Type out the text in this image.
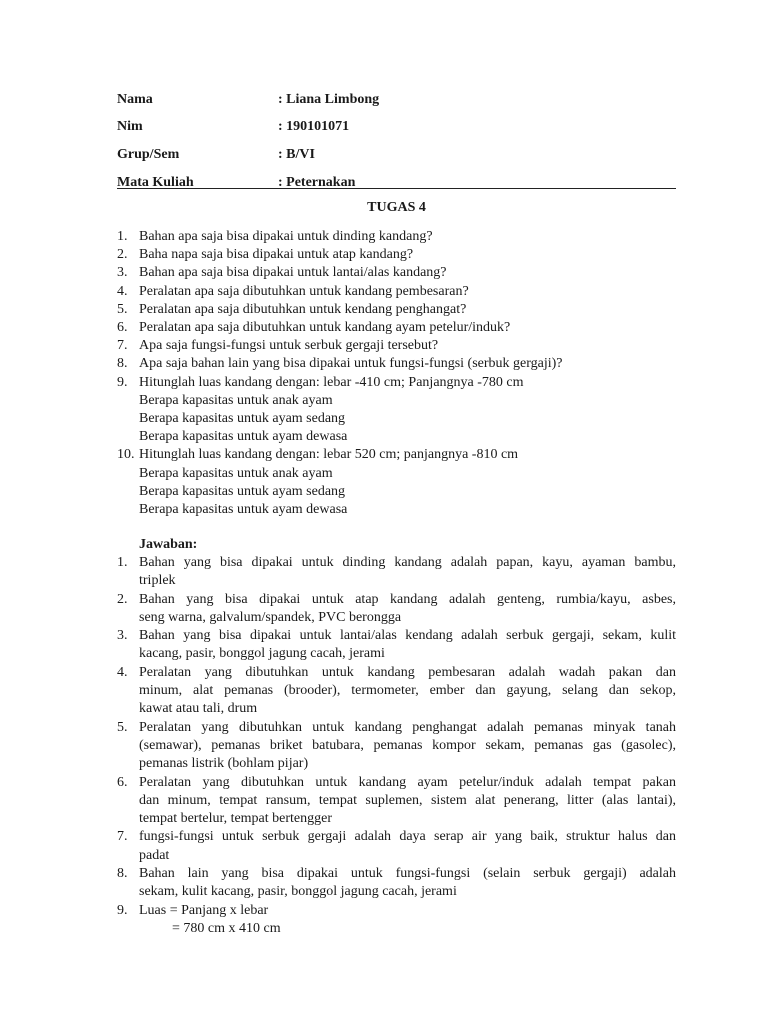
Nama	: Liana Limbong
Nim	: 190101071
Grup/Sem	: B/VI
Mata Kuliah	: Peternakan
TUGAS 4
1. Bahan apa saja bisa dipakai untuk dinding kandang?
2. Baha napa saja bisa dipakai untuk atap kandang?
3. Bahan apa saja bisa dipakai untuk lantai/alas kandang?
4. Peralatan apa saja dibutuhkan untuk kandang pembesaran?
5. Peralatan apa saja dibutuhkan untuk kendang penghangat?
6. Peralatan apa saja dibutuhkan untuk kandang ayam petelur/induk?
7. Apa saja fungsi-fungsi untuk serbuk gergaji tersebut?
8. Apa saja bahan lain yang bisa dipakai untuk fungsi-fungsi (serbuk gergaji)?
9. Hitunglah luas kandang dengan: lebar -410 cm; Panjangnya -780 cm
Berapa kapasitas untuk anak ayam
Berapa kapasitas untuk ayam sedang
Berapa kapasitas untuk ayam dewasa
10. Hitunglah luas kandang dengan: lebar 520 cm; panjangnya -810 cm
Berapa kapasitas untuk anak ayam
Berapa kapasitas untuk ayam sedang
Berapa kapasitas untuk ayam dewasa
Jawaban:
1. Bahan yang bisa dipakai untuk dinding kandang adalah papan, kayu, ayaman bambu,
triplek
2. Bahan yang bisa dipakai untuk atap kandang adalah genteng, rumbia/kayu, asbes,
seng warna, galvalum/spandek, PVC berongga
3. Bahan yang bisa dipakai untuk lantai/alas kendang adalah serbuk gergaji, sekam, kulit
kacang, pasir, bonggol jagung cacah, jerami
4. Peralatan yang dibutuhkan untuk kandang pembesaran adalah wadah pakan dan
minum, alat pemanas (brooder), termometer, ember dan gayung, selang dan sekop,
kawat atau tali, drum
5. Peralatan yang dibutuhkan untuk kandang penghangat adalah pemanas minyak tanah
(semawar), pemanas briket batubara, pemanas kompor sekam, pemanas gas (gasolec),
pemanas listrik (bohlam pijar)
6. Peralatan yang dibutuhkan untuk kandang ayam petelur/induk adalah tempat pakan
dan minum, tempat ransum, tempat suplemen, sistem alat penerang, litter (alas lantai),
tempat bertelur, tempat bertengger
7. fungsi-fungsi untuk serbuk gergaji adalah daya serap air yang baik, struktur halus dan
padat
8. Bahan lain yang bisa dipakai untuk fungsi-fungsi (selain serbuk gergaji) adalah
sekam, kulit kacang, pasir, bonggol jagung cacah, jerami
9. Luas = Panjang x lebar
= 780 cm x 410 cm
